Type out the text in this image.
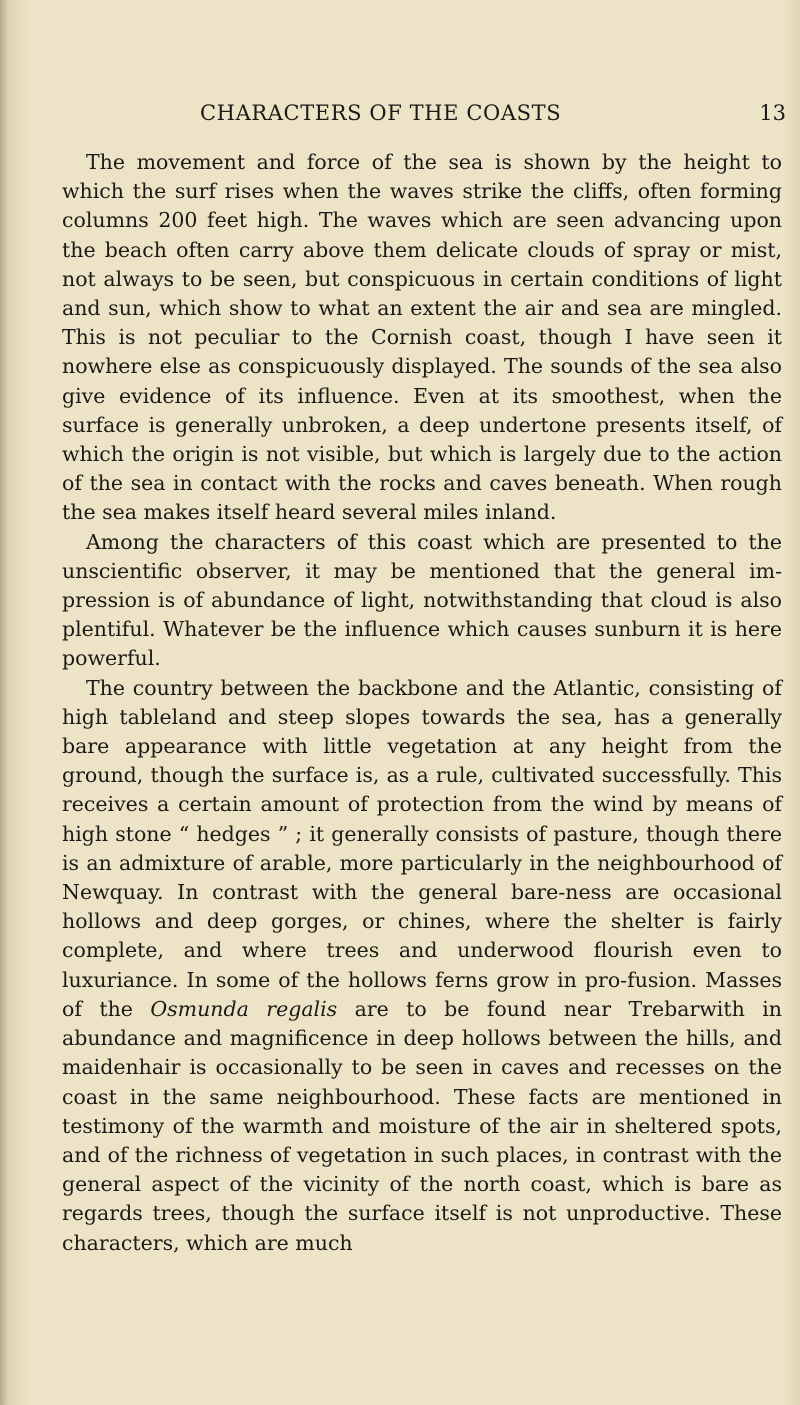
CHARACTERS OF THE COASTS	13

The movement and force of the sea is shown by the height to which the surf rises when the waves strike the cliffs, often forming columns 200 feet high. The waves which are seen advancing upon the beach often carry above them delicate clouds of spray or mist, not always to be seen, but conspicuous in certain conditions of light and sun, which show to what an extent the air and sea are mingled. This is not peculiar to the Cornish coast, though I have seen it nowhere else as conspicuously displayed. The sounds of the sea also give evidence of its influence. Even at its smoothest, when the surface is generally unbroken, a deep undertone presents itself, of which the origin is not visible, but which is largely due to the action of the sea in contact with the rocks and caves beneath. When rough the sea makes itself heard several miles inland.

Among the characters of this coast which are presented to the unscientific observer, it may be mentioned that the general im-pression is of abundance of light, notwithstanding that cloud is also plentiful. Whatever be the influence which causes sunburn it is here powerful.

The country between the backbone and the Atlantic, consisting of high tableland and steep slopes towards the sea, has a generally bare appearance with little vegetation at any height from the ground, though the surface is, as a rule, cultivated successfully. This receives a certain amount of protection from the wind by means of high stone “ hedges ” ; it generally consists of pasture, though there is an admixture of arable, more particularly in the neighbourhood of Newquay. In contrast with the general bare-ness are occasional hollows and deep gorges, or chines, where the shelter is fairly complete, and where trees and underwood flourish even to luxuriance. In some of the hollows ferns grow in pro-fusion. Masses of the Osmunda regalis are to be found near Trebarwith in abundance and magnificence in deep hollows between the hills, and maidenhair is occasionally to be seen in caves and recesses on the coast in the same neighbourhood. These facts are mentioned in testimony of the warmth and moisture of the air in sheltered spots, and of the richness of vegetation in such places, in contrast with the general aspect of the vicinity of the north coast, which is bare as regards trees, though the surface itself is not unproductive. These characters, which are much
